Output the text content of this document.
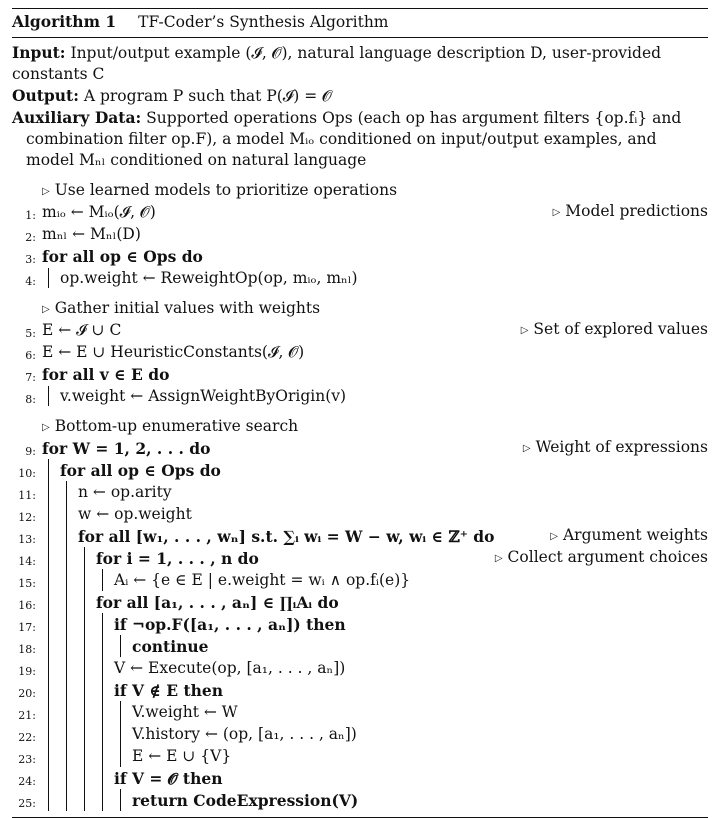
Algorithm 1 TF-Coder’s Synthesis Algorithm
Input: Input/output example (𝓘, 𝓞), natural language description D, user-provided constants C
Output: A program P such that P(𝓘) = 𝓞
Auxiliary Data: Supported operations Ops (each op has argument filters {op.fᵢ} and combination filter op.F), a model Mᵢₒ conditioned on input/output examples, and model Mₙₗ conditioned on natural language
▷ Use learned models to prioritize operations
1: mᵢₒ ← Mᵢₒ(𝓘, 𝓞)	▷ Model predictions
2: mₙₗ ← Mₙₗ(D)
3: for all op ∈ Ops do
4: op.weight ← ReweightOp(op, mᵢₒ, mₙₗ)
▷ Gather initial values with weights
5: E ← 𝓘 ∪ C	▷ Set of explored values
6: E ← E ∪ HeuristicConstants(𝓘, 𝓞)
7: for all v ∈ E do
8: v.weight ← AssignWeightByOrigin(v)
▷ Bottom-up enumerative search
9: for W = 1, 2, . . . do	▷ Weight of expressions
10: for all op ∈ Ops do
11:	n ← op.arity
12:	w ← op.weight
13:	for all [w₁, . . . , wₙ] s.t. ∑ᵢ wᵢ = W − w, wᵢ ∈ ℤ⁺ do	▷ Argument weights
14:	for i = 1, . . . , n do	▷ Collect argument choices
15:	Aᵢ ← {e ∈ E | e.weight = wᵢ ∧ op.fᵢ(e)}
16:	for all [a₁, . . . , aₙ] ∈ ∏ᵢAᵢ do
17:	if ¬op.F([a₁, . . . , aₙ]) then
18:	continue
19:	V ← Execute(op, [a₁, . . . , aₙ])
20:	if V ∉ E then
21:	V.weight ← W
22:	V.history ← (op, [a₁, . . . , aₙ])
23:	E ← E ∪ {V}
24:	if V = 𝓞 then
25:	return CodeExpression(V)
